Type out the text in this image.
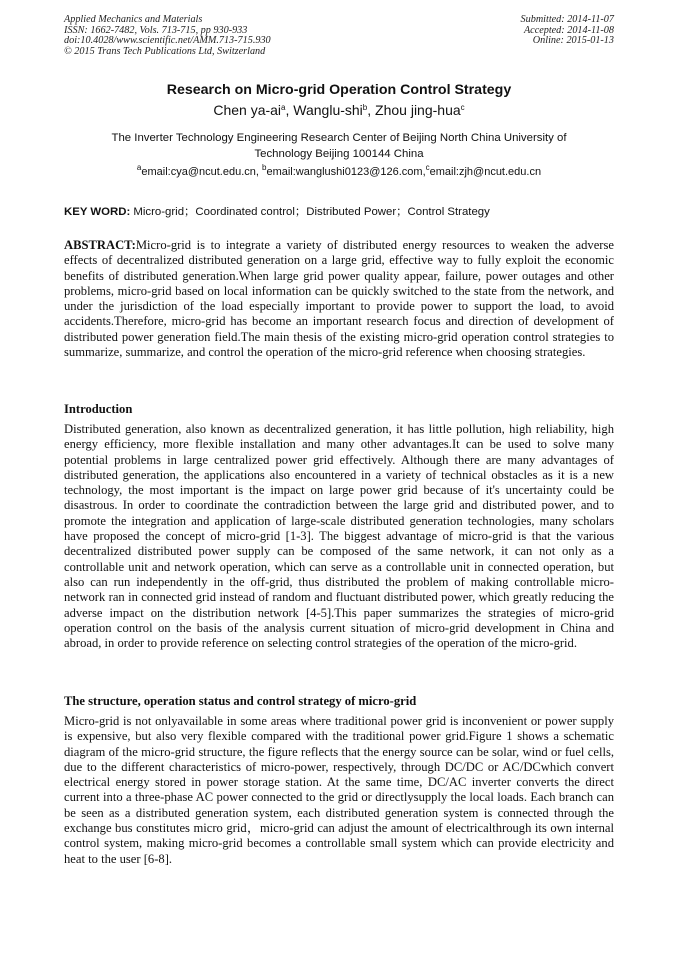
Applied Mechanics and Materials
ISSN: 1662-7482, Vols. 713-715, pp 930-933
doi:10.4028/www.scientific.net/AMM.713-715.930
© 2015 Trans Tech Publications Ltd, Switzerland
Submitted: 2014-11-07
Accepted: 2014-11-08
Online: 2015-01-13
Research on Micro-grid Operation Control Strategy
Chen $ya-ai^a$, Wanglu-shi$^b$, Zhou jing-hua$^c$
The Inverter Technology Engineering Research Center of Beijing North China University of Technology Beijing 100144 China
$^a$email:cya@ncut.edu.cn, $^b$email:wanglushi0123@126.com,$^c$email:zjh@ncut.edu.cn
KEY WORD: Micro-grid；Coordinated control；Distributed Power；Control Strategy
ABSTRACT:Micro-grid is to integrate a variety of distributed energy resources to weaken the adverse effects of decentralized distributed generation on a large grid, effective way to fully exploit the economic benefits of distributed generation.When large grid power quality appear, failure, power outages and other problems, micro-grid based on local information can be quickly switched to the state from the network, and under the jurisdiction of the load especially important to provide power to support the load, to avoid accidents.Therefore, micro-grid has become an important research focus and direction of development of distributed power generation field.The main thesis of the existing micro-grid operation control strategies to summarize, summarize, and control the operation of the micro-grid reference when choosing strategies.
Introduction
Distributed generation, also known as decentralized generation, it has little pollution, high reliability, high energy efficiency, more flexible installation and many other advantages.It can be used to solve many potential problems in large centralized power grid effectively. Although there are many advantages of distributed generation, the applications also encountered in a variety of technical obstacles as it is a new technology, the most important is the impact on large power grid because of it's uncertainty could be disastrous. In order to coordinate the contradiction between the large grid and distributed power, and to promote the integration and application of large-scale distributed generation technologies, many scholars have proposed the concept of micro-grid [1-3]. The biggest advantage of micro-grid is that the various decentralized distributed power supply can be composed of the same network, it can not only as a controllable unit and network operation, which can serve as a controllable unit in connected operation, but also can run independently in the off-grid, thus distributed the problem of making controllable micro-network ran in connected grid instead of random and fluctuant distributed power, which greatly reducing the adverse impact on the distribution network [4-5].This paper summarizes the strategies of micro-grid operation control on the basis of the analysis current situation of micro-grid development in China and abroad, in order to provide reference on selecting control strategies of the operation of the micro-grid.
The structure, operation status and control strategy of micro-grid
Micro-grid is not onlyavailable in some areas where traditional power grid is inconvenient or power supply is expensive, but also very flexible compared with the traditional power grid.Figure 1 shows a schematic diagram of the micro-grid structure, the figure reflects that the energy source can be solar, wind or fuel cells, due to the different characteristics of micro-power, respectively, through DC/DC or AC/DCwhich convert electrical energy stored in power storage station. At the same time, DC/AC inverter converts the direct current into a three-phase AC power connected to the grid or directlysupply the local loads. Each branch can be seen as a distributed generation system, each distributed generation system is connected through the exchange bus constitutes micro grid，micro-grid can adjust the amount of electricalthrough its own internal control system, making micro-grid becomes a controllable small system which can provide electricity and heat to the user [6-8].
